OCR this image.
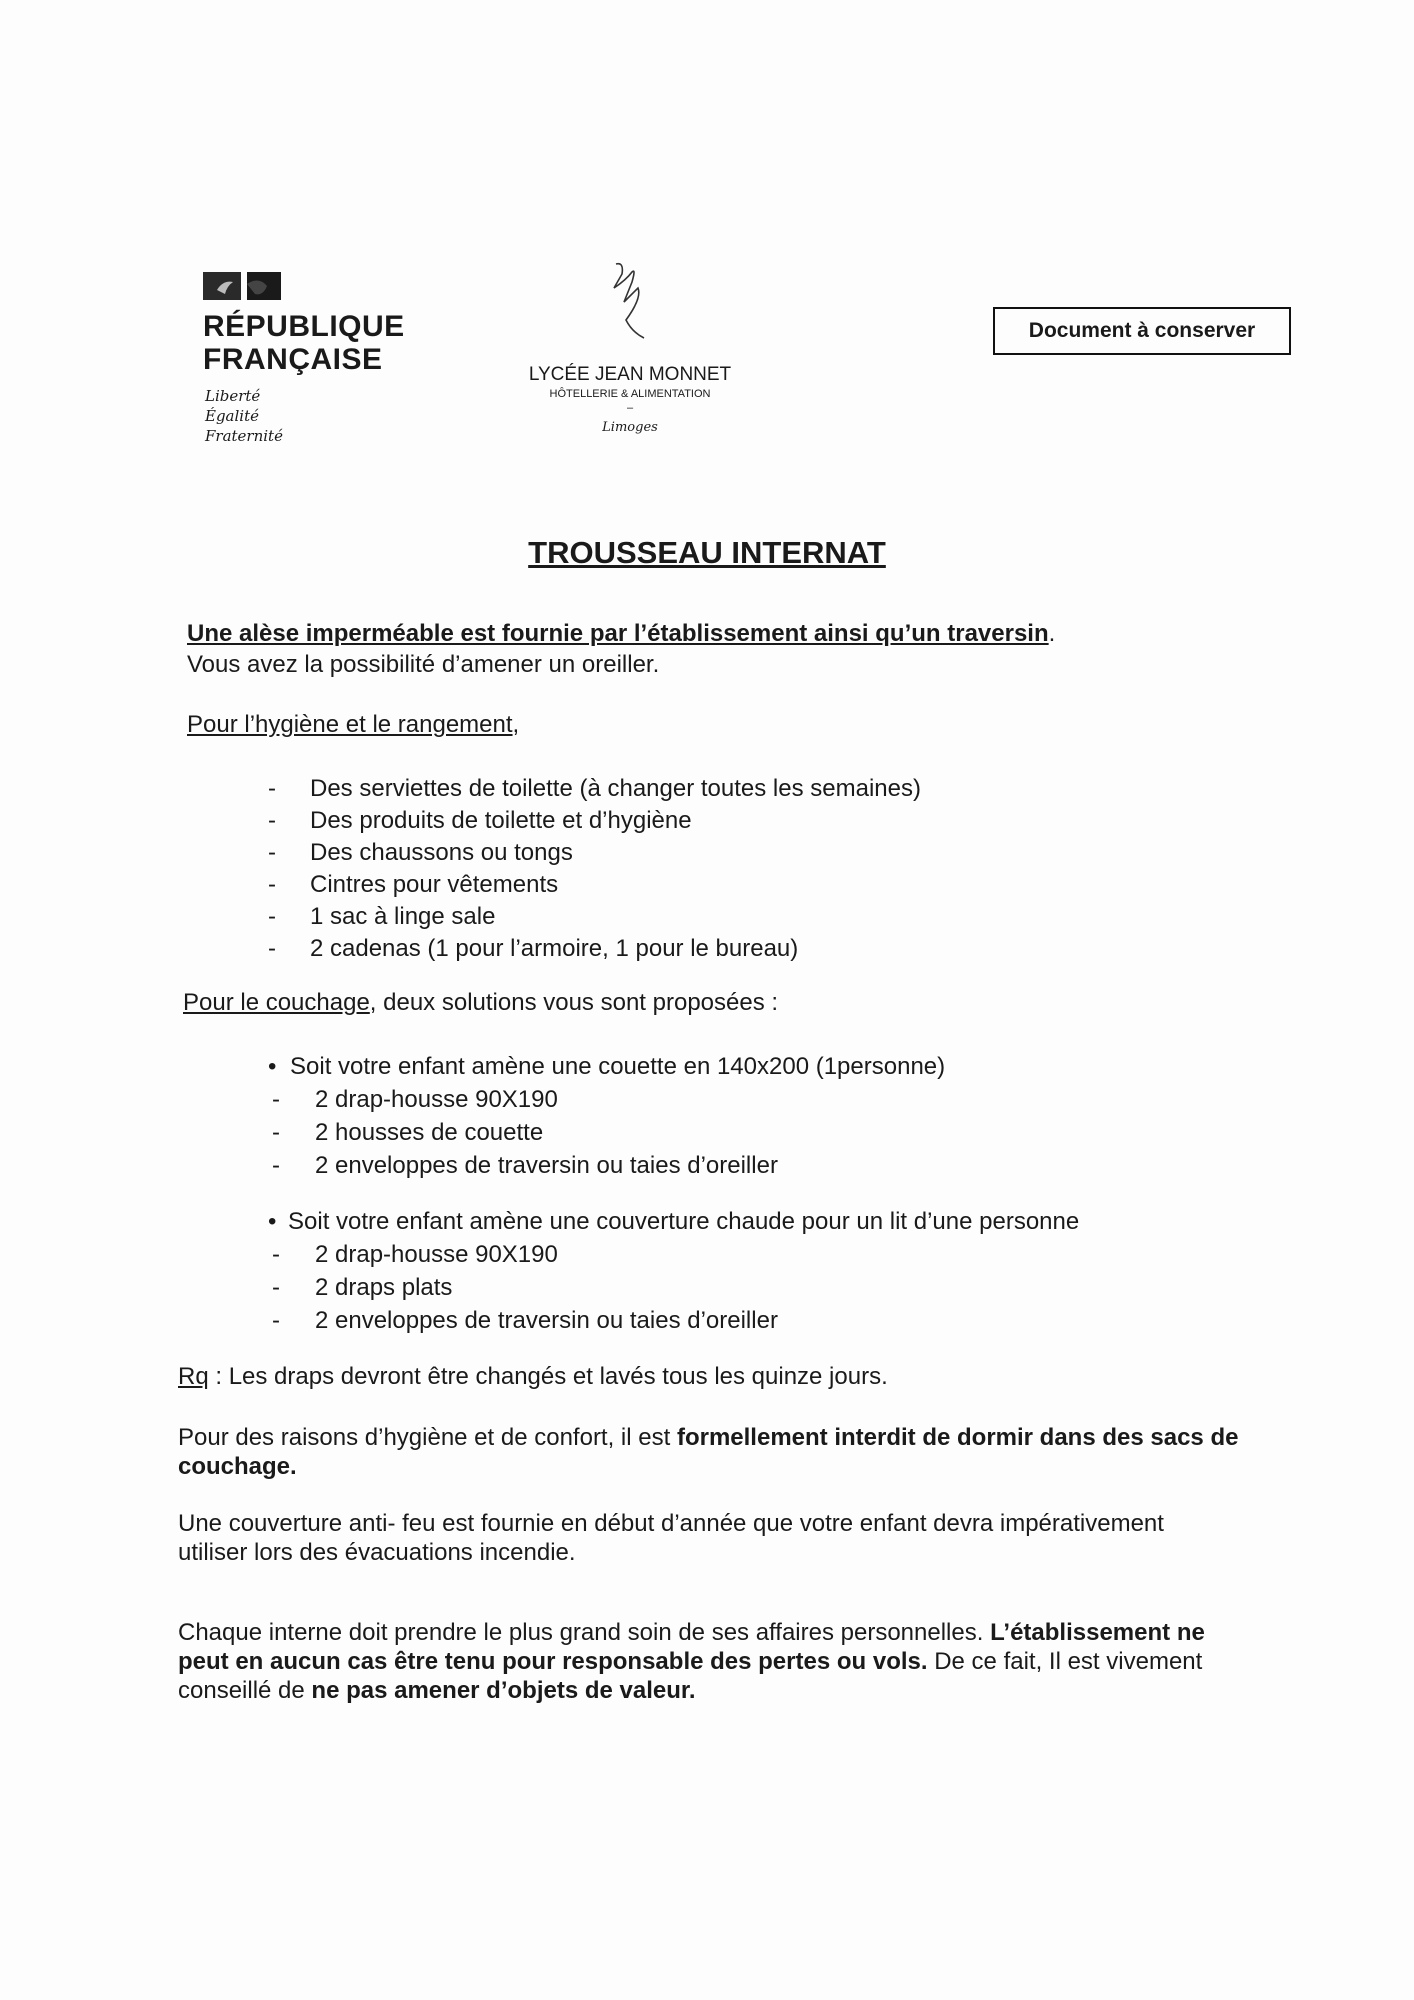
RÉPUBLIQUE
FRANÇAISE
Liberté
Égalité
Fraternité
LYCÉE JEAN MONNET
HÔTELLERIE & ALIMENTATION
–
Limoges
Document à conserver
TROUSSEAU INTERNAT
Une alèse imperméable est fournie par l’établissement ainsi qu’un traversin.
Vous avez la possibilité d’amener un oreiller.
Pour l’hygiène et le rangement,
- Des serviettes de toilette (à changer toutes les semaines)
- Des produits de toilette et d’hygiène
- Des chaussons ou tongs
- Cintres pour vêtements
- 1 sac à linge sale
- 2 cadenas (1 pour l’armoire, 1 pour le bureau)
Pour le couchage, deux solutions vous sont proposées :
• Soit votre enfant amène une couette en 140x200 (1personne)
- 2 drap-housse 90X190
- 2 housses de couette
- 2 enveloppes de traversin ou taies d’oreiller
• Soit votre enfant amène une couverture chaude pour un lit d’une personne
- 2 drap-housse 90X190
- 2 draps plats
- 2 enveloppes de traversin ou taies d’oreiller
Rq : Les draps devront être changés et lavés tous les quinze jours.
Pour des raisons d’hygiène et de confort, il est formellement interdit de dormir dans des sacs de couchage.
Une couverture anti- feu est fournie en début d’année que votre enfant devra impérativement
utiliser lors des évacuations incendie.
Chaque interne doit prendre le plus grand soin de ses affaires personnelles. L’établissement ne peut en aucun cas être tenu pour responsable des pertes ou vols. De ce fait, Il est vivement conseillé de ne pas amener d’objets de valeur.
